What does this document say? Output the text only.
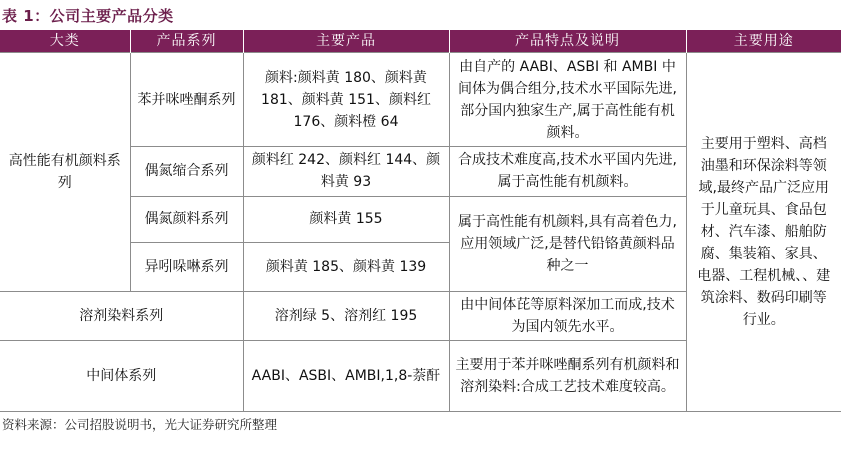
表 1：公司主要产品分类
大类	产品系列	主要产品	产品特点及说明	主要用途
高性能有机颜料系列	苯并咪唑酮系列	颜料:颜料黄 180、颜料黄 181、颜料黄 151、颜料红 176、颜料橙 64	由自产的 AABI、ASBI 和 AMBI 中间体为偶合组分,技术水平国际先进,部分国内独家生产,属于高性能有机颜料。	主要用于塑料、高档油墨和环保涂料等领域,最终产品广泛应用于儿童玩具、食品包材、汽车漆、船舶防腐、集装箱、家具、电器、工程机械、、建筑涂料、数码印刷等行业。
	偶氮缩合系列	颜料红 242、颜料红 144、颜料黄 93	合成技术难度高,技术水平国内先进,属于高性能有机颜料。	
	偶氮颜料系列	颜料黄 155	属于高性能有机颜料,具有高着色力,应用领域广泛,是替代铅铬黄颜料品种之一	
	异吲哚啉系列	颜料黄 185、颜料黄 139		
溶剂染料系列		溶剂绿 5、溶剂红 195	由中间体芘等原料深加工而成,技术为国内领先水平。	
中间体系列		AABI、ASBI、AMBI,1,8-萘酐	主要用于苯并咪唑酮系列有机颜料和溶剂染料:合成工艺技术难度较高。	
资料来源：公司招股说明书，光大证券研究所整理
